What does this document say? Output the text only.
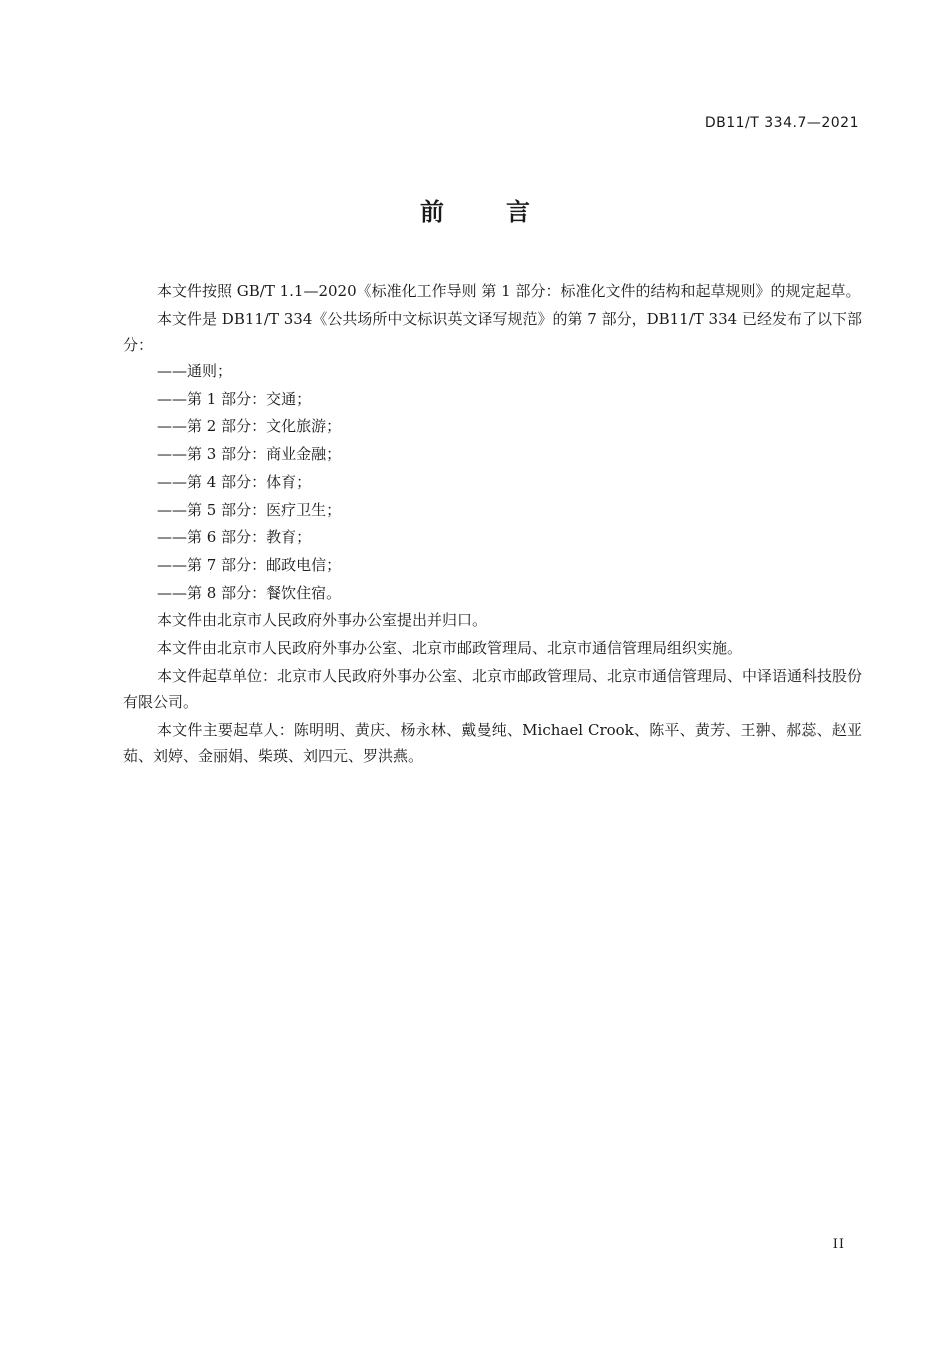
DB11/T 334.7—2021
前言

本文件按照 GB/T 1.1—2020《标准化工作导则 第 1 部分：标准化文件的结构和起草规则》的规定起草。

本文件是 DB11/T 334《公共场所中文标识英文译写规范》的第 7 部分，DB11/T 334 已经发布了以下部分：

——通则；
——第 1 部分：交通；
——第 2 部分：文化旅游；
——第 3 部分：商业金融；
——第 4 部分：体育；
——第 5 部分：医疗卫生；
——第 6 部分：教育；
——第 7 部分：邮政电信；
——第 8 部分：餐饮住宿。

本文件由北京市人民政府外事办公室提出并归口。

本文件由北京市人民政府外事办公室、北京市邮政管理局、北京市通信管理局组织实施。

本文件起草单位：北京市人民政府外事办公室、北京市邮政管理局、北京市通信管理局、中译语通科技股份有限公司。

本文件主要起草人：陈明明、黄庆、杨永林、戴曼纯、Michael Crook、陈平、黄芳、王翀、郝蕊、赵亚茹、刘婷、金丽娟、柴瑛、刘四元、罗洪燕。

II
